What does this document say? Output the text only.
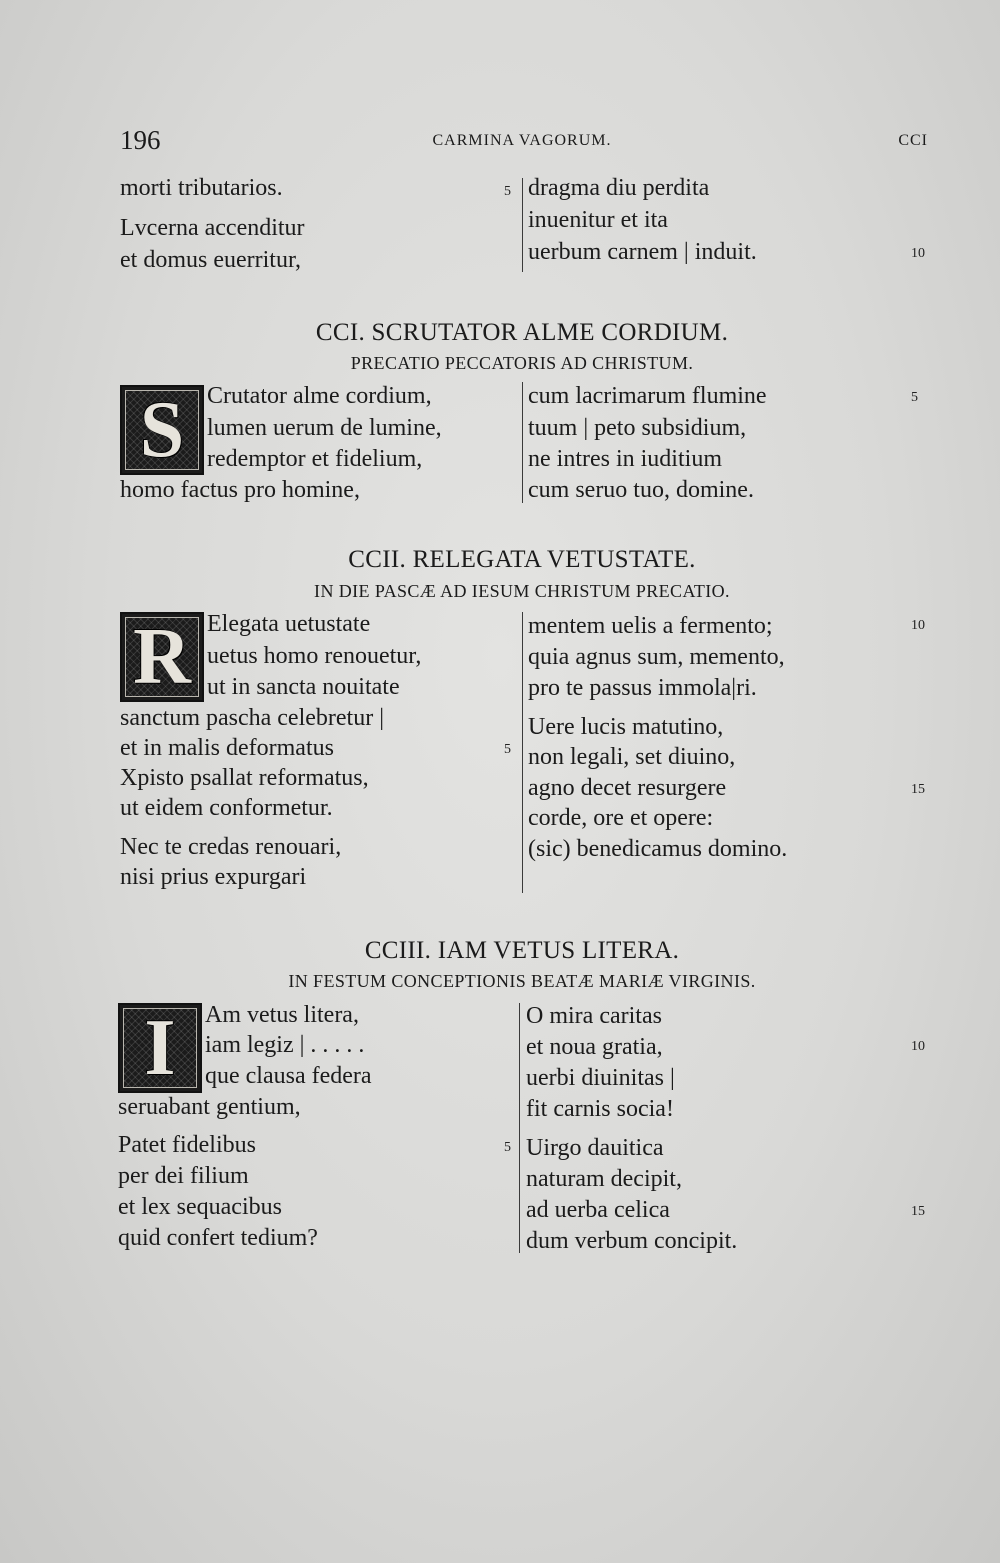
196	CARMINA VAGORUM.	CCI
morti tributarios.
Lvcerna accenditur
et domus euerritur,
5 dragma diu perdita
inuenitur et ita
uerbum carnem | induit.	10
CCI. SCRUTATOR ALME CORDIUM.
PRECATIO PECCATORIS AD CHRISTUM.
S Crutator alme cordium,
lumen uerum de lumine,
redemptor et fidelium,
homo factus pro homine,
cum lacrimarum flumine
tuum | peto subsidium,
ne intres in iuditium
cum seruo tuo, domine.
5
CCII. RELEGATA VETUSTATE.
IN DIE PASCÆ AD IESUM CHRISTUM PRECATIO.
R Elegata uetustate
uetus homo renouetur,
ut in sancta nouitate
sanctum pascha celebretur |
et in malis deformatus
Xpisto psallat reformatus,
ut eidem conformetur.
Nec te credas renouari,
nisi prius expurgari
5
mentem uelis a fermento;
quia agnus sum, memento,
pro te passus immola|ri.
Uere lucis matutino,
non legali, set diuino,
agno decet resurgere
corde, ore et opere:
(sic) benedicamus domino.
10
15
CCIII. IAM VETUS LITERA.
IN FESTUM CONCEPTIONIS BEATÆ MARIÆ VIRGINIS.
I	Am vetus litera,
iam legiz | . . . . .
que clausa federa
seruabant gentium,
Patet fidelibus
per dei filium
et lex sequacibus
quid confert tedium?
5
O mira caritas
et noua gratia,
uerbi diuinitas |
fit carnis socia!
Uirgo dauitica
naturam decipit,
ad uerba celica
dum verbum concipit.
10
15
